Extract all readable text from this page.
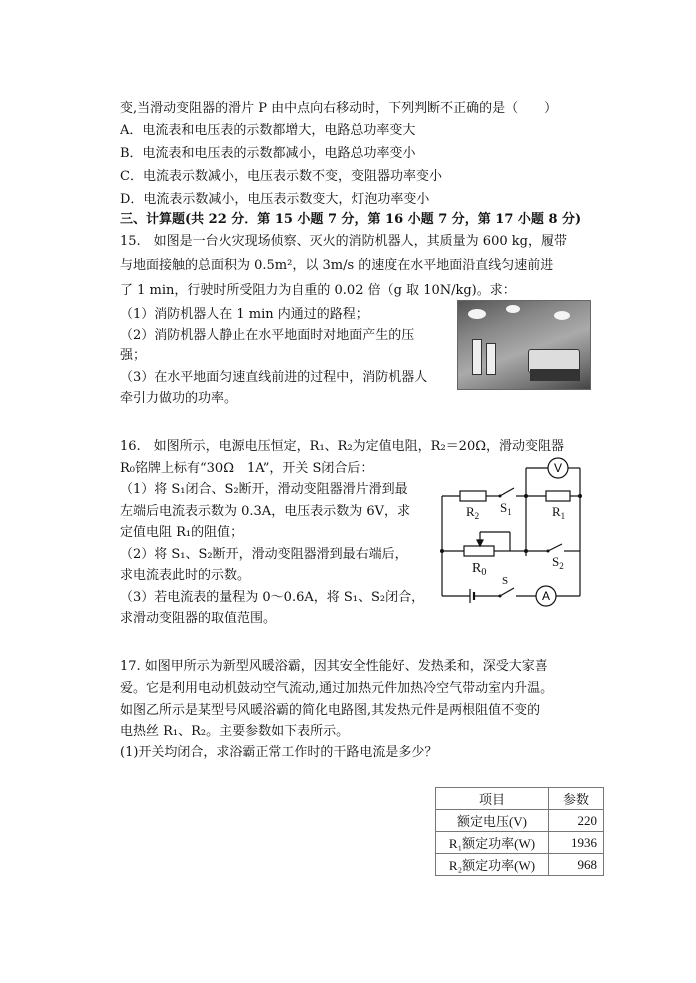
变,当滑动变阻器的滑片 P 由中点向右移动时，下列判断不正确的是（　　）
A．电流表和电压表的示数都增大，电路总功率变大
B．电流表和电压表的示数都减小，电路总功率变小
C．电流表示数减小，电压表示数不变，变阻器功率变小
D．电流表示数减小，电压表示数变大，灯泡功率变小
三、计算题(共 22 分．第 15 小题 7 分，第 16 小题 7 分，第 17 小题 8 分)
15.　如图是一台火灾现场侦察、灭火的消防机器人，其质量为 600 kg，履带
与地面接触的总面积为 0.5m²，以 3m/s 的速度在水平地面沿直线匀速前进
了 1 min，行驶时所受阻力为自重的 0.02 倍（g 取 10N/kg)。求：
（1）消防机器人在 1 min 内通过的路程；
（2）消防机器人静止在水平地面时对地面产生的压
强；
（3）在水平地面匀速直线前进的过程中，消防机器人
牵引力做功的功率。
16.　如图所示，电源电压恒定，R₁、R₂为定值电阻，R₂＝20Ω，滑动变阻器
R₀铭牌上标有“30Ω　1A”，开关 S闭合后：
（1）将 S₁闭合、S₂断开，滑动变阻器滑片滑到最
左端后电流表示数为 0.3A，电压表示数为 6V，求
定值电阻 R₁的阻值；
（2）将 S₁、S₂断开，滑动变阻器滑到最右端后，
求电流表此时的示数。
（3）若电流表的量程为 0～0.6A，将 S₁、S₂闭合，
求滑动变阻器的取值范围。
V
A
$R_2$
$S_1$	$R_1$
$R_0$
$S_2$
S
17. 如图甲所示为新型风暖浴霸，因其安全性能好、发热柔和，深受大家喜
爱。它是利用电动机鼓动空气流动,通过加热元件加热冷空气带动室内升温。
如图乙所示是某型号风暖浴霸的简化电路图,其发热元件是两根阻值不变的
电热丝 R₁、R₂。主要参数如下表所示。
(1)开关均闭合，求浴霸正常工作时的干路电流是多少？
项目	参数
额定电压(V)	220
R₁额定功率(W)	1936
R₂额定功率(W)	968
